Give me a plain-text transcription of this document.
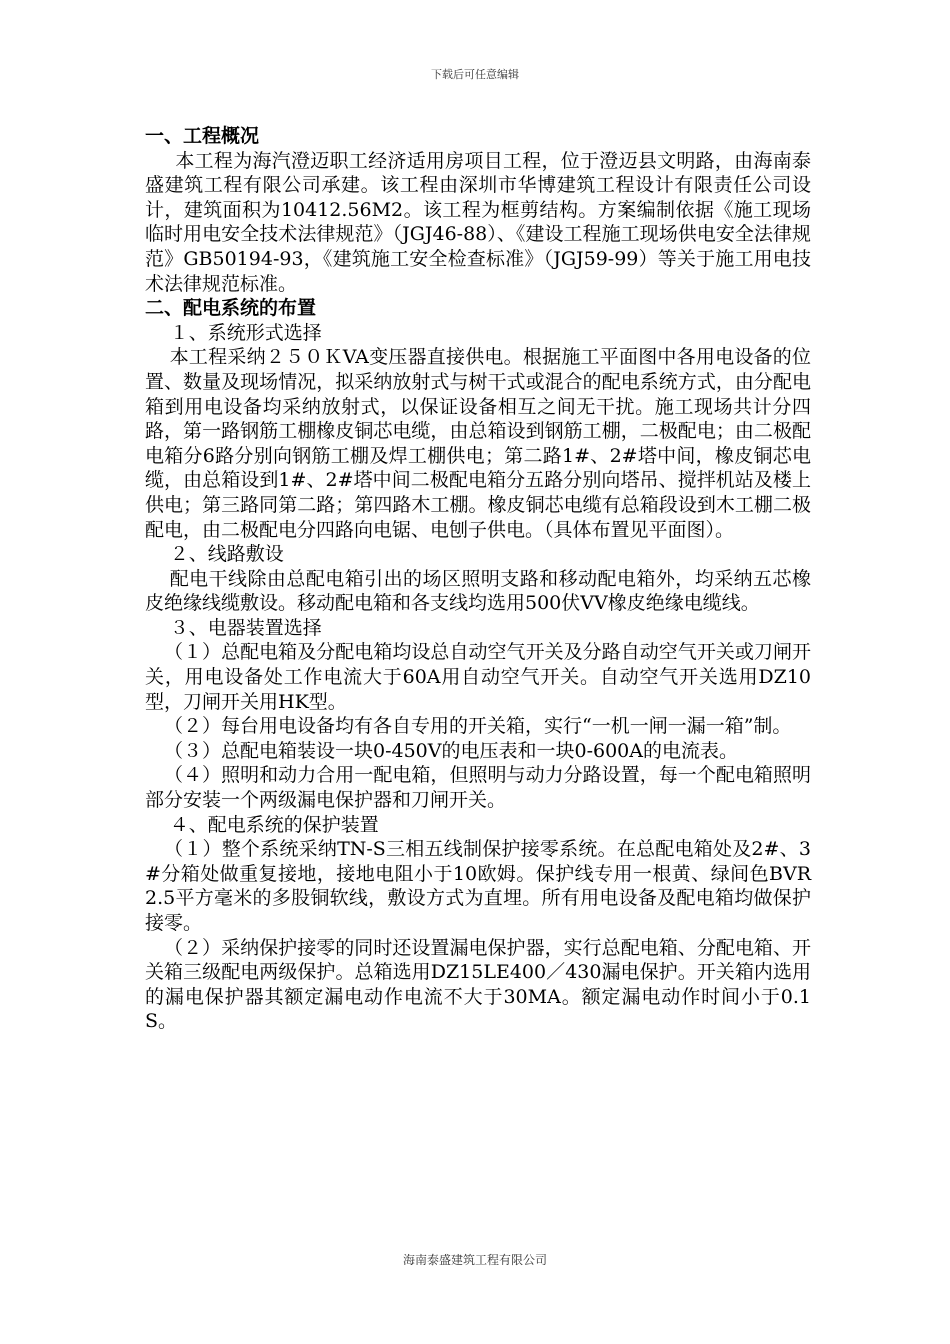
下载后可任意编辑

一、工程概况

本工程为海汽澄迈职工经济适用房项目工程，位于澄迈县文明路，由海南泰盛建筑工程有限公司承建。该工程由深圳市华博建筑工程设计有限责任公司设计，建筑面积为10412.56M2。该工程为框剪结构。方案编制依据《施工现场临时用电安全技术法律规范》（JGJ46-88）、《建设工程施工现场供电安全法律规范》GB50194-93，《建筑施工安全检查标准》（JGJ59-99）等关于施工用电技术法律规范标准。

二、配电系统的布置

１、系统形式选择

本工程采纳２５０ＫVA变压器直接供电。根据施工平面图中各用电设备的位置、数量及现场情况，拟采纳放射式与树干式或混合的配电系统方式，由分配电箱到用电设备均采纳放射式，以保证设备相互之间无干扰。施工现场共计分四路，第一路钢筋工棚橡皮铜芯电缆，由总箱设到钢筋工棚，二极配电；由二极配电箱分6路分别向钢筋工棚及焊工棚供电；第二路1#、2#塔中间，橡皮铜芯电缆，由总箱设到1#、2#塔中间二极配电箱分五路分别向塔吊、搅拌机站及楼上供电；第三路同第二路；第四路木工棚。橡皮铜芯电缆有总箱段设到木工棚二极配电，由二极配电分四路向电锯、电刨子供电。（具体布置见平面图）。

２、线路敷设

配电干线除由总配电箱引出的场区照明支路和移动配电箱外，均采纳五芯橡皮绝缘线缆敷设。移动配电箱和各支线均选用500伏VV橡皮绝缘电缆线。

３、电器装置选择

（１）总配电箱及分配电箱均设总自动空气开关及分路自动空气开关或刀闸开关，用电设备处工作电流大于60A用自动空气开关。自动空气开关选用DZ10型，刀闸开关用HK型。

（２）每台用电设备均有各自专用的开关箱，实行“一机一闸一漏一箱”制。

（３）总配电箱装设一块0-450V的电压表和一块0-600A的电流表。

（４）照明和动力合用一配电箱，但照明与动力分路设置，每一个配电箱照明部分安装一个两级漏电保护器和刀闸开关。

４、配电系统的保护装置

（１）整个系统采纳TN-S三相五线制保护接零系统。在总配电箱处及2#、3#分箱处做重复接地，接地电阻小于10欧姆。保护线专用一根黄、绿间色BVR2.5平方毫米的多股铜软线，敷设方式为直埋。所有用电设备及配电箱均做保护接零。

（２）采纳保护接零的同时还设置漏电保护器，实行总配电箱、分配电箱、开关箱三级配电两级保护。总箱选用DZ15LE400／430漏电保护。开关箱内选用的漏电保护器其额定漏电动作电流不大于30MA。额定漏电动作时间小于0.1S。

海南泰盛建筑工程有限公司
